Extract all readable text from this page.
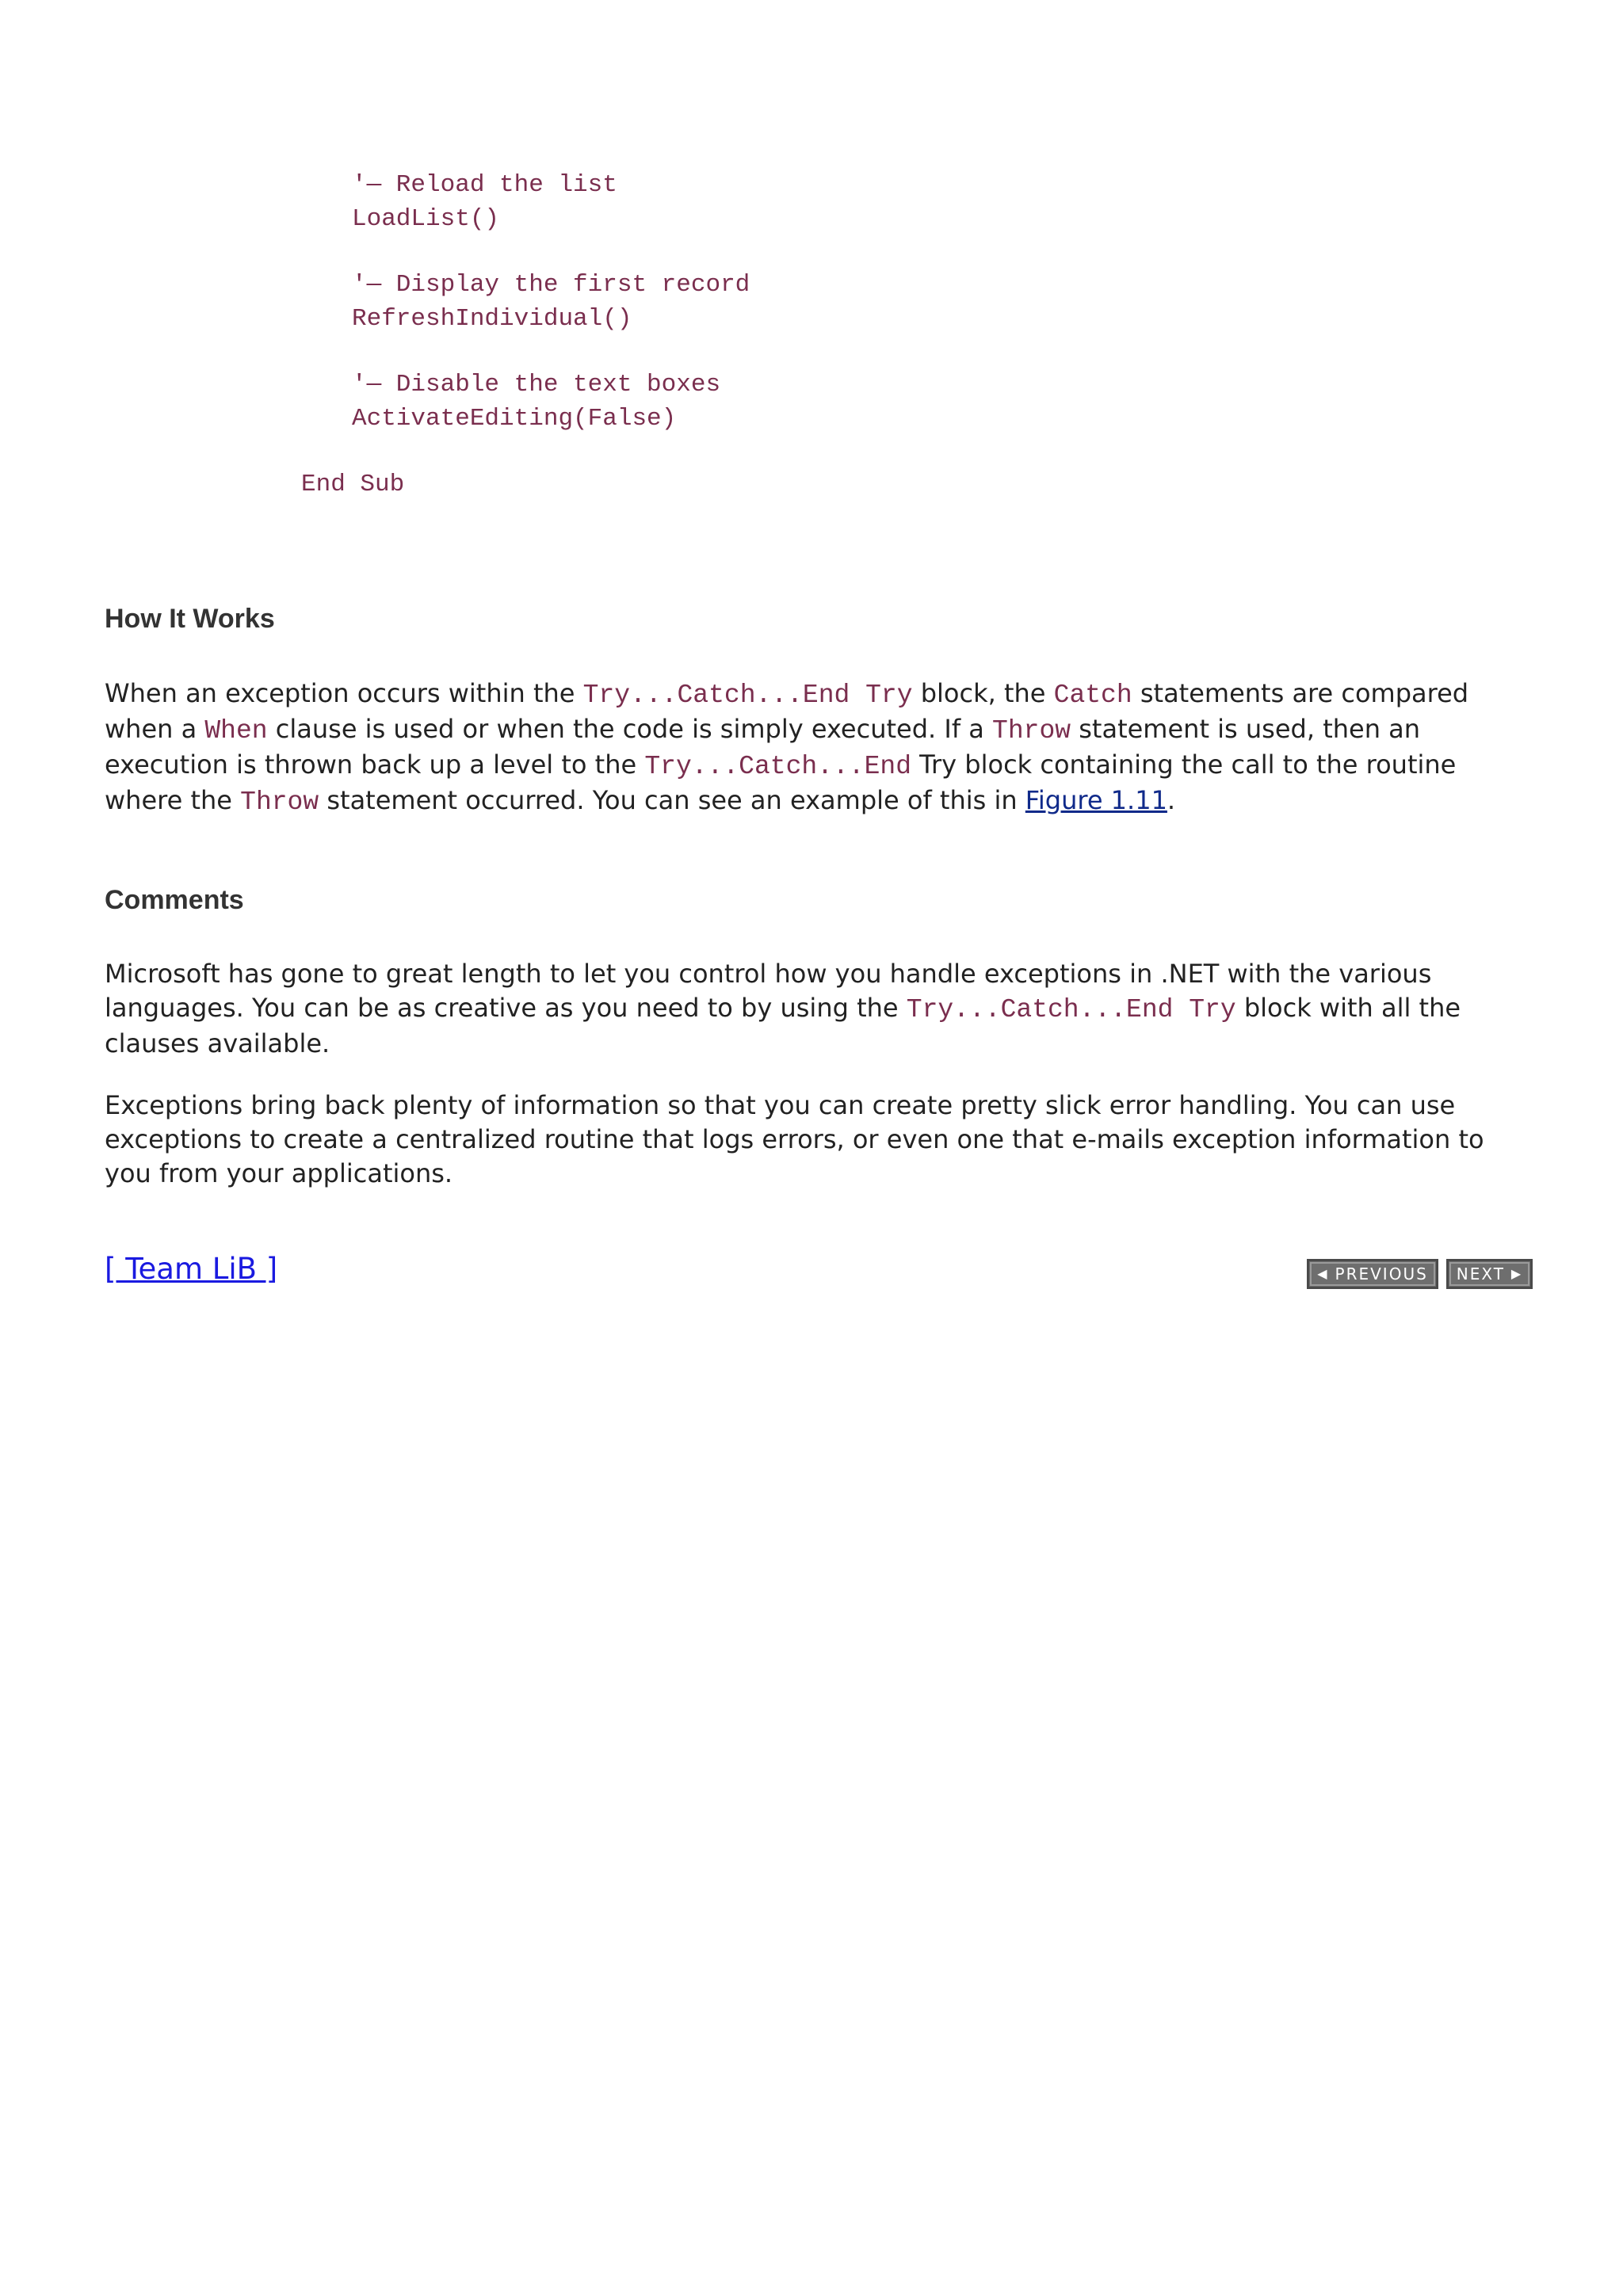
'— Reload the list

LoadList()

'— Display the first record

RefreshIndividual()

'— Disable the text boxes

ActivateEditing(False)

End Sub

How It Works

When an exception occurs within the Try...Catch...End Try block, the Catch statements are compared when a When clause is used or when the code is simply executed. If a Throw statement is used, then an execution is thrown back up a level to the Try...Catch...End Try block containing the call to the routine where the Throw statement occurred. You can see an example of this in Figure 1.11.

Comments

Microsoft has gone to great length to let you control how you handle exceptions in .NET with the various languages. You can be as creative as you need to by using the Try...Catch...End Try block with all the clauses available.

Exceptions bring back plenty of information so that you can create pretty slick error handling. You can use exceptions to create a centralized routine that logs errors, or even one that e-mails exception information to you from your applications.

[ Team LiB ]	◀ PREVIOUS NEXT ▶
